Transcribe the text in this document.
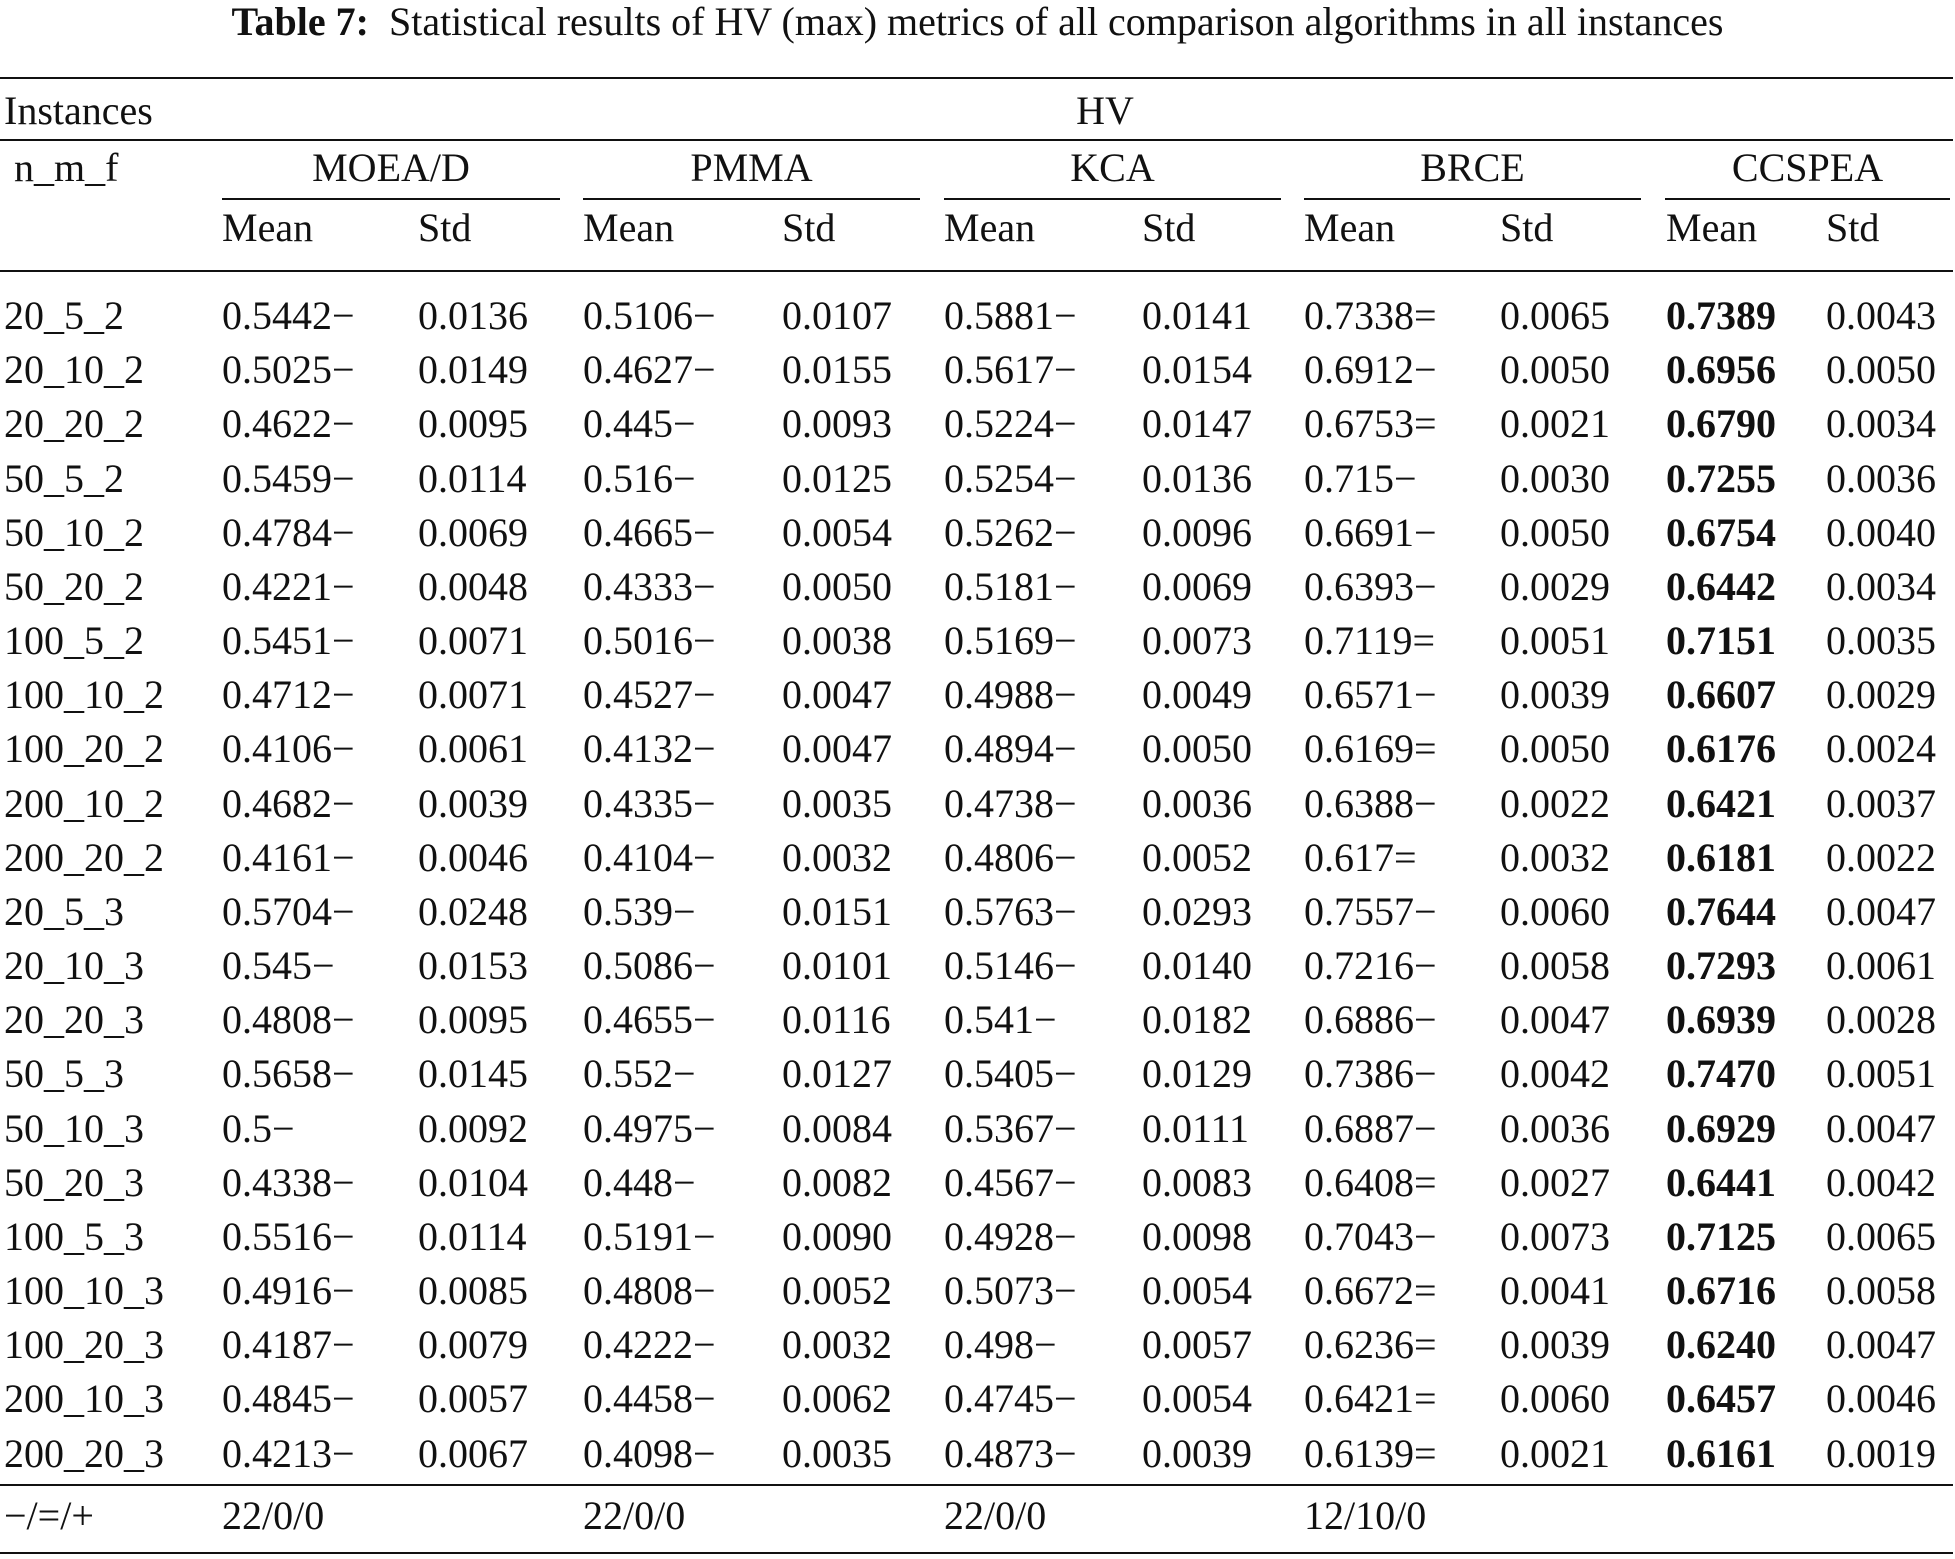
Table 7: Statistical results of HV (max) metrics of all comparison algorithms in all instances
Instances	HV
n_m_f	MOEA/D
Mean	Std
PMMA
Mean	Std
KCA
Mean	Std
BRCE
Mean	Std
CCSPEA
Mean Std
20_5_2 0.5442− 0.0136 0.5106− 0.0107 0.5881− 0.0141 0.7338= 0.0065 0.7389 0.0043
20_10_2 0.5025− 0.0149 0.4627− 0.0155 0.5617− 0.0154 0.6912− 0.0050 0.6956 0.0050
20_20_2 0.4622− 0.0095 0.445− 0.0093 0.5224− 0.0147 0.6753= 0.0021 0.6790 0.0034
50_5_2 0.5459− 0.0114 0.516− 0.0125 0.5254− 0.0136 0.715− 0.0030 0.7255 0.0036
50_10_2 0.4784− 0.0069 0.4665− 0.0054 0.5262− 0.0096 0.6691− 0.0050 0.6754 0.0040
50_20_2 0.4221− 0.0048 0.4333− 0.0050 0.5181− 0.0069 0.6393− 0.0029 0.6442 0.0034
100_5_2 0.5451− 0.0071 0.5016− 0.0038 0.5169− 0.0073 0.7119= 0.0051 0.7151 0.0035
100_10_2 0.4712− 0.0071 0.4527− 0.0047 0.4988− 0.0049 0.6571− 0.0039 0.6607 0.0029
100_20_2 0.4106− 0.0061 0.4132− 0.0047 0.4894− 0.0050 0.6169= 0.0050 0.6176 0.0024
200_10_2 0.4682− 0.0039 0.4335− 0.0035 0.4738− 0.0036 0.6388− 0.0022 0.6421 0.0037
200_20_2 0.4161− 0.0046 0.4104− 0.0032 0.4806− 0.0052 0.617= 0.0032 0.6181 0.0022
20_5_3 0.5704− 0.0248 0.539− 0.0151 0.5763− 0.0293 0.7557− 0.0060 0.7644 0.0047
20_10_3 0.545− 0.0153 0.5086− 0.0101 0.5146− 0.0140 0.7216− 0.0058 0.7293 0.0061
20_20_3 0.4808− 0.0095 0.4655− 0.0116 0.541− 0.0182 0.6886− 0.0047 0.6939 0.0028
50_5_3 0.5658− 0.0145 0.552− 0.0127 0.5405− 0.0129 0.7386− 0.0042 0.7470 0.0051
50_10_3 0.5−	0.0092 0.4975− 0.0084 0.5367− 0.0111 0.6887− 0.0036 0.6929 0.0047
50_20_3 0.4338− 0.0104 0.448− 0.0082 0.4567− 0.0083 0.6408= 0.0027 0.6441 0.0042
100_5_3 0.5516− 0.0114 0.5191− 0.0090 0.4928− 0.0098 0.7043− 0.0073 0.7125 0.0065
100_10_3 0.4916− 0.0085 0.4808− 0.0052 0.5073− 0.0054 0.6672= 0.0041 0.6716 0.0058
100_20_3 0.4187− 0.0079 0.4222− 0.0032 0.498− 0.0057 0.6236= 0.0039 0.6240 0.0047
200_10_3 0.4845− 0.0057 0.4458− 0.0062 0.4745− 0.0054 0.6421= 0.0060 0.6457 0.0046
200_20_3 0.4213− 0.0067 0.4098− 0.0035 0.4873− 0.0039 0.6139= 0.0021 0.6161 0.0019
−/=/+	22/0/0	22/0/0	22/0/0	12/10/0
